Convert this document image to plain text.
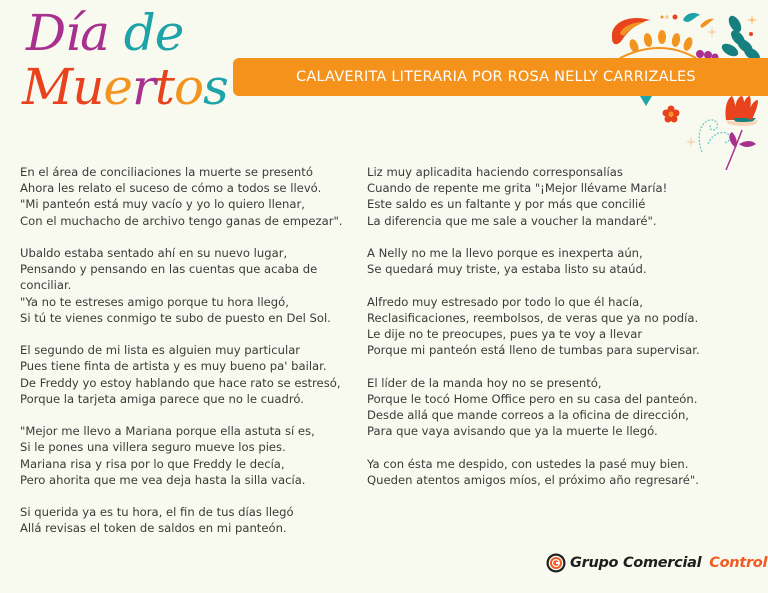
Día de
Muertos	CALAVERITA LITERARIA POR ROSA NELLY CARRIZALES
En el área de conciliaciones la muerte se presentó
Ahora les relato el suceso de cómo a todos se llevó.
"Mi panteón está muy vacío y yo lo quiero llenar,
Con el muchacho de archivo tengo ganas de empezar".
Ubaldo estaba sentado ahí en su nuevo lugar,
Pensando y pensando en las cuentas que acaba de conciliar.
"Ya no te estreses amigo porque tu hora llegó,
Si tú te vienes conmigo te subo de puesto en Del Sol.
El segundo de mi lista es alguien muy particular
Pues tiene finta de artista y es muy bueno pa' bailar.
De Freddy yo estoy hablando que hace rato se estresó,
Porque la tarjeta amiga parece que no le cuadró.
"Mejor me llevo a Mariana porque ella astuta sí es,
Si le pones una villera seguro mueve los pies.
Mariana risa y risa por lo que Freddy le decía,
Pero ahorita que me vea deja hasta la silla vacía.
Si querida ya es tu hora, el fin de tus días llegó
Allá revisas el token de saldos en mi panteón.
Liz muy aplicadita haciendo corresponsalías
Cuando de repente me grita "¡Mejor llévame María!
Este saldo es un faltante y por más que concilié
La diferencia que me sale a voucher la mandaré".
A Nelly no me la llevo porque es inexperta aún,
Se quedará muy triste, ya estaba listo su ataúd.
Alfredo muy estresado por todo lo que él hacía,
Reclasificaciones, reembolsos, de veras que ya no podía.
Le dije no te preocupes, pues ya te voy a llevar
Porque mi panteón está lleno de tumbas para supervisar.
El líder de la manda hoy no se presentó,
Porque le tocó Home Office pero en su casa del panteón.
Desde allá que mande correos a la oficina de dirección,
Para que vaya avisando que ya la muerte le llegó.
Ya con ésta me despido, con ustedes la pasé muy bien.
Queden atentos amigos míos, el próximo año regresaré".
Grupo Comercial Control
